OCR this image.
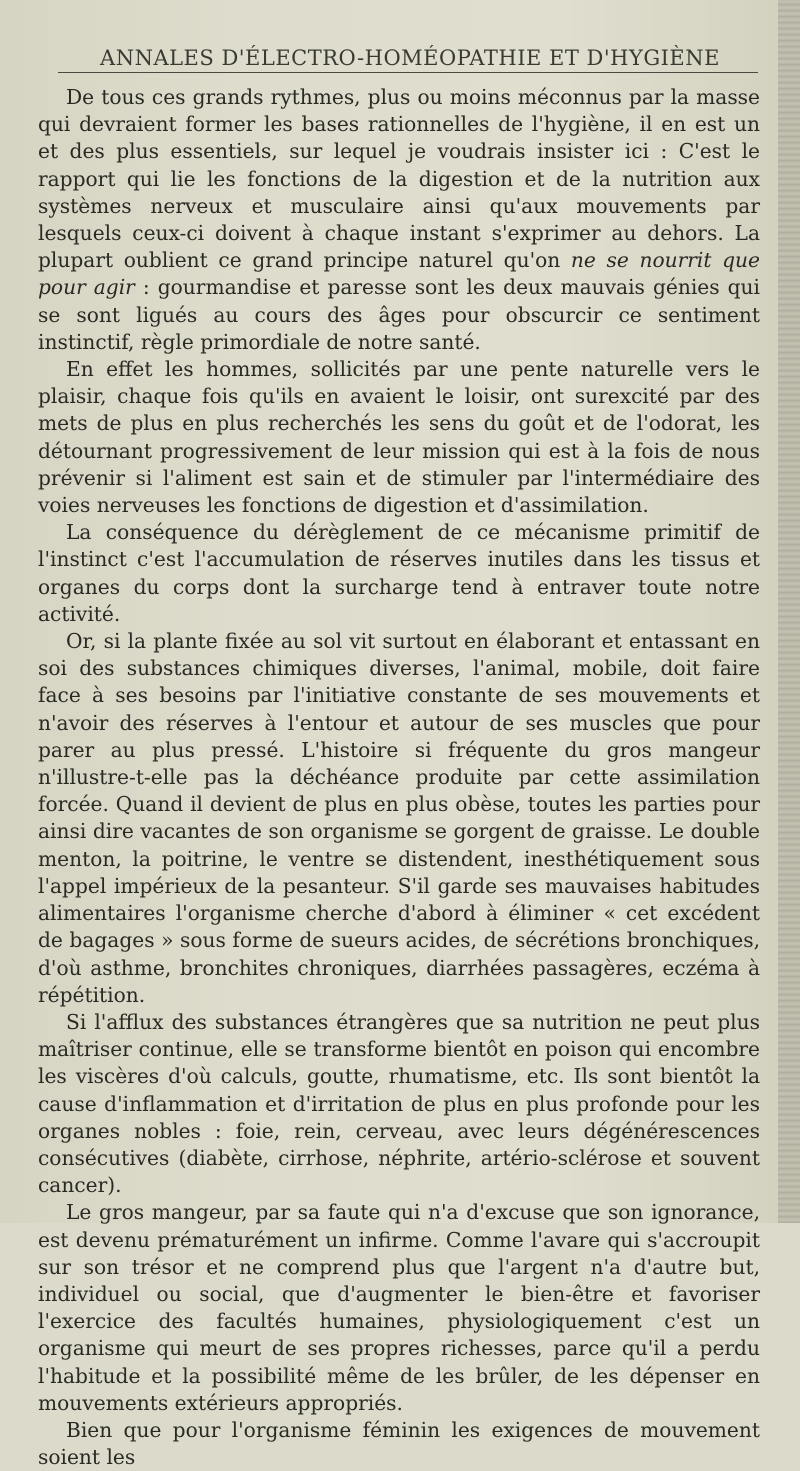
ANNALES D'ÉLECTRO-HOMÉOPATHIE ET D'HYGIÈNE

De tous ces grands rythmes, plus ou moins méconnus par la masse qui devraient former les bases rationnelles de l'hygiène, il en est un et des plus essentiels, sur lequel je voudrais insister ici : C'est le rapport qui lie les fonctions de la digestion et de la nutrition aux systèmes nerveux et musculaire ainsi qu'aux mouvements par lesquels ceux-ci doivent à chaque instant s'exprimer au dehors. La plupart oublient ce grand principe naturel qu'on ne se nourrit que pour agir : gourmandise et paresse sont les deux mauvais génies qui se sont ligués au cours des âges pour obscurcir ce sentiment instinctif, règle primordiale de notre santé.

En effet les hommes, sollicités par une pente naturelle vers le plaisir, chaque fois qu'ils en avaient le loisir, ont surexcité par des mets de plus en plus recherchés les sens du goût et de l'odorat, les détournant progressivement de leur mission qui est à la fois de nous prévenir si l'aliment est sain et de stimuler par l'intermédiaire des voies nerveuses les fonctions de digestion et d'assimilation.

La conséquence du dérèglement de ce mécanisme primitif de l'instinct c'est l'accumulation de réserves inutiles dans les tissus et organes du corps dont la surcharge tend à entraver toute notre activité.

Or, si la plante fixée au sol vit surtout en élaborant et entassant en soi des substances chimiques diverses, l'animal, mobile, doit faire face à ses besoins par l'initiative constante de ses mouvements et n'avoir des réserves à l'entour et autour de ses muscles que pour parer au plus pressé. L'histoire si fréquente du gros mangeur n'illustre-t-elle pas la déchéance produite par cette assimilation forcée. Quand il devient de plus en plus obèse, toutes les parties pour ainsi dire vacantes de son organisme se gorgent de graisse. Le double menton, la poitrine, le ventre se distendent, inesthétiquement sous l'appel impérieux de la pesanteur. S'il garde ses mauvaises habitudes alimentaires l'organisme cherche d'abord à éliminer « cet excédent de bagages » sous forme de sueurs acides, de sécrétions bronchiques, d'où asthme, bronchites chroniques, diarrhées passagères, eczéma à répétition.

Si l'afflux des substances étrangères que sa nutrition ne peut plus maîtriser continue, elle se transforme bientôt en poison qui encombre les viscères d'où calculs, goutte, rhumatisme, etc. Ils sont bientôt la cause d'inflammation et d'irritation de plus en plus profonde pour les organes nobles : foie, rein, cerveau, avec leurs dégénérescences consécutives (diabète, cirrhose, néphrite, artério-sclérose et souvent cancer).

Le gros mangeur, par sa faute qui n'a d'excuse que son ignorance, est devenu prématurément un infirme. Comme l'avare qui s'accroupit sur son trésor et ne comprend plus que l'argent n'a d'autre but, individuel ou social, que d'augmenter le bien-être et favoriser l'exercice des facultés humaines, physiologiquement c'est un organisme qui meurt de ses propres richesses, parce qu'il a perdu l'habitude et la possibilité même de les brûler, de les dépenser en mouvements extérieurs appropriés.

Bien que pour l'organisme féminin les exigences de mouvement soient les
